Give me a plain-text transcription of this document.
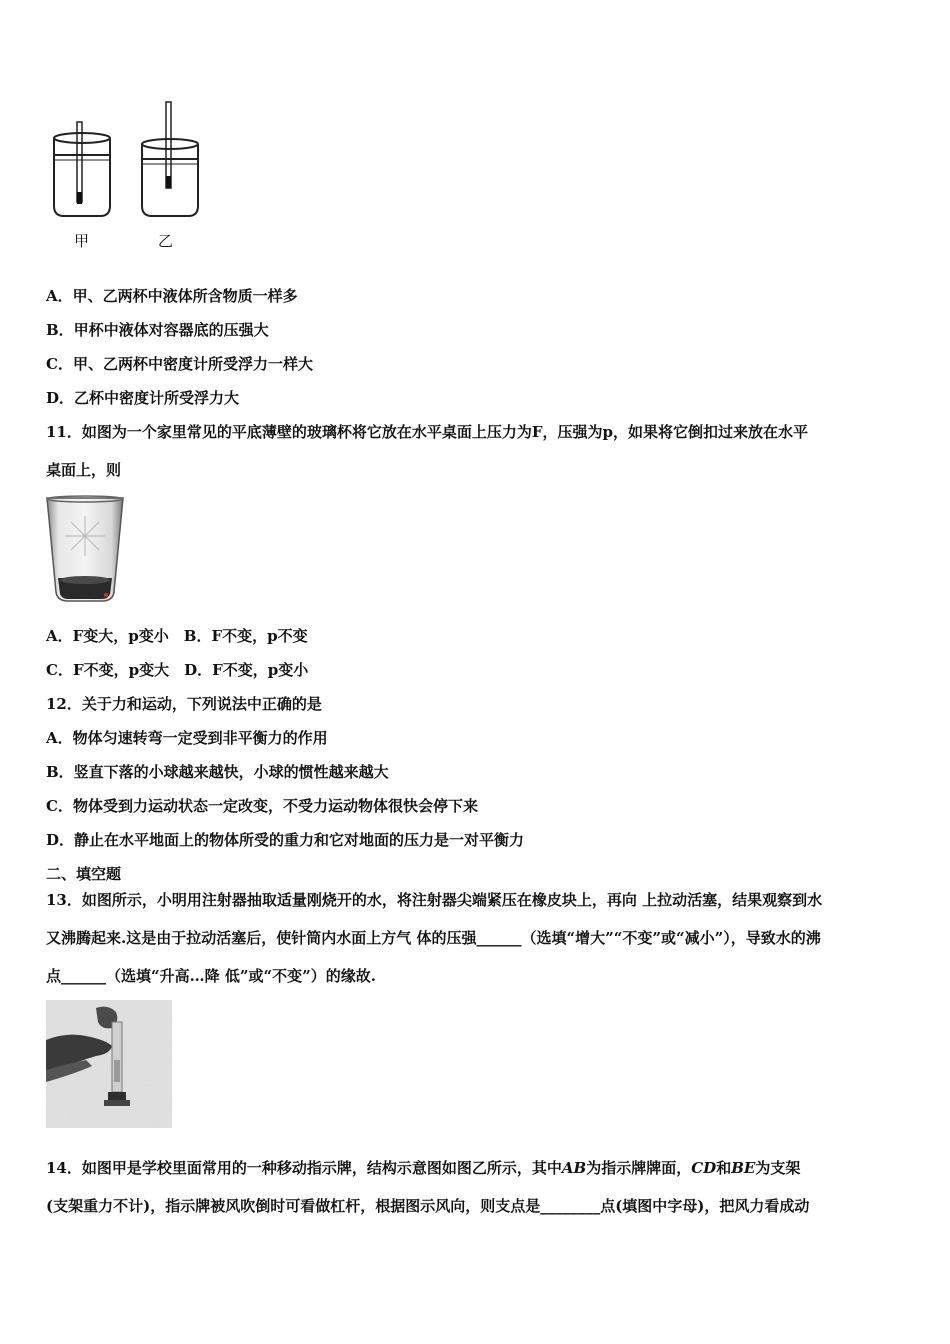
甲	乙
A．甲、乙两杯中液体所含物质一样多
B．甲杯中液体对容器底的压强大
C．甲、乙两杯中密度计所受浮力一样大
D．乙杯中密度计所受浮力大
11．如图为一个家里常见的平底薄壁的玻璃杯将它放在水平桌面上压力为F，压强为p，如果将它倒扣过来放在水平
桌面上，则
A．F变大，p变小　B．F不变，p不变
C．F不变，p变大　D．F不变，p变小
12．关于力和运动，下列说法中正确的是
A．物体匀速转弯一定受到非平衡力的作用
B．竖直下落的小球越来越快，小球的惯性越来越大
C．物体受到力运动状态一定改变，不受力运动物体很快会停下来
D．静止在水平地面上的物体所受的重力和它对地面的压力是一对平衡力
二、填空题
13．如图所示，小明用注射器抽取适量刚烧开的水，将注射器尖端紧压在橡皮块上，再向 上拉动活塞，结果观察到水
又沸腾起来.这是由于拉动活塞后，使针筒内水面上方气 体的压强______（选填“增大”“不变”或“减小”），导致水的沸
点______（选填“升高…降 低”或“不变”）的缘故.
14．如图甲是学校里面常用的一种移动指示牌，结构示意图如图乙所示，其中AB为指示牌牌面，CD和BE为支架
(支架重力不计)，指示牌被风吹倒时可看做杠杆，根据图示风向，则支点是________点(填图中字母)，把风力看成动
